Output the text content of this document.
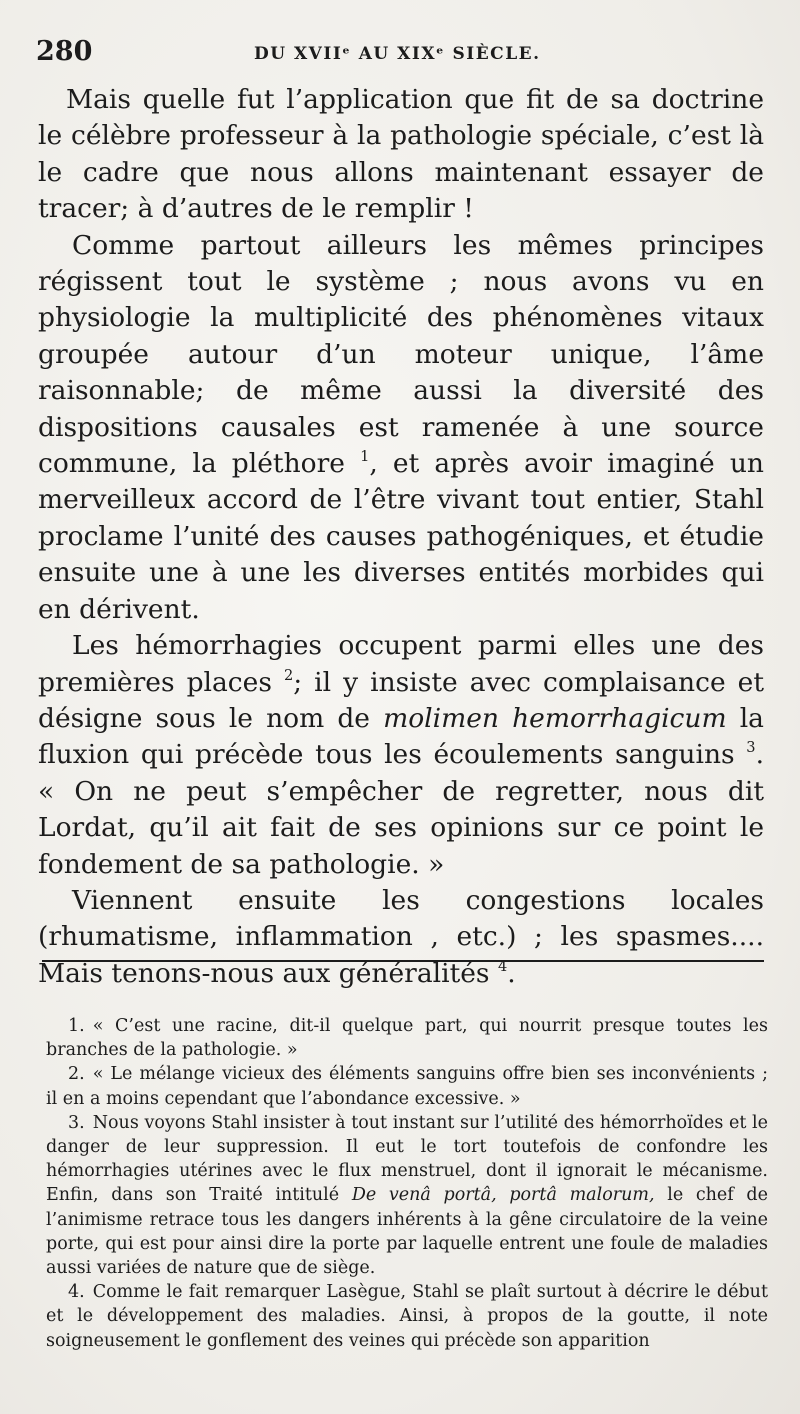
280	DU XVIIᵉ AU XIXᵉ SIÈCLE.

Mais quelle fut l’application que fit de sa doctrine le célèbre professeur à la pathologie spéciale, c’est là le cadre que nous allons maintenant essayer de tracer; à d’autres de le remplir !

Comme partout ailleurs les mêmes principes régissent tout le système ; nous avons vu en physiologie la multiplicité des phénomènes vitaux groupée autour d’un moteur unique, l’âme raisonnable; de même aussi la diversité des dispositions causales est ramenée à une source commune, la pléthore $^1$, et après avoir imaginé un merveilleux accord de l’être vivant tout entier, Stahl proclame l’unité des causes pathogéniques, et étudie ensuite une à une les diverses entités morbides qui en dérivent.

Les hémorrhagies occupent parmi elles une des premières places $^2$; il y insiste avec complaisance et désigne sous le nom de molimen hemorrhagicum la fluxion qui précède tous les écoulements sanguins $^3$. « On ne peut s’empêcher de regretter, nous dit Lordat, qu’il ait fait de ses opinions sur ce point le fondement de sa pathologie. »

Viennent ensuite les congestions locales (rhumatisme, inflammation , etc.) ; les spasmes.... Mais tenons-nous aux généralités $^4$.

1. « C’est une racine, dit-il quelque part, qui nourrit presque toutes les branches de la pathologie. »

2. « Le mélange vicieux des éléments sanguins offre bien ses inconvénients ; il en a moins cependant que l’abondance excessive. »

3. Nous voyons Stahl insister à tout instant sur l’utilité des hémorrhoïdes et le danger de leur suppression. Il eut le tort toutefois de confondre les hémorrhagies utérines avec le flux menstruel, dont il ignorait le mécanisme. Enfin, dans son Traité intitulé De venâ portâ, portâ malorum, le chef de l’animisme retrace tous les dangers inhérents à la gêne circulatoire de la veine porte, qui est pour ainsi dire la porte par laquelle entrent une foule de maladies aussi variées de nature que de siège.

4. Comme le fait remarquer Lasègue, Stahl se plaît surtout à décrire le début et le développement des maladies. Ainsi, à propos de la goutte, il note soigneusement le gonflement des veines qui précède son apparition
